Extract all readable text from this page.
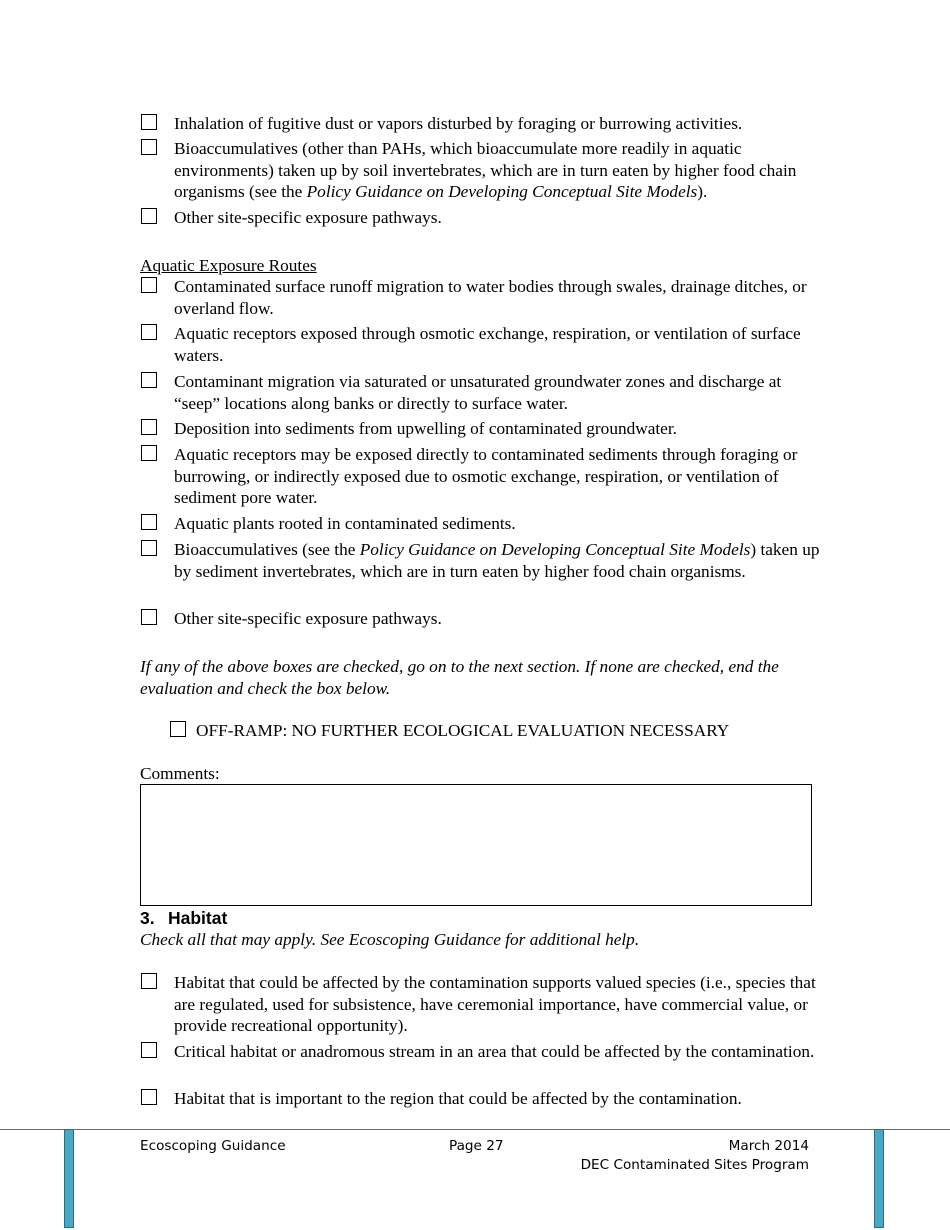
Inhalation of fugitive dust or vapors disturbed by foraging or burrowing activities.
Bioaccumulatives (other than PAHs, which bioaccumulate more readily in aquatic environments) taken up by soil invertebrates, which are in turn eaten by higher food chain organisms (see the Policy Guidance on Developing Conceptual Site Models).
Other site-specific exposure pathways.
Aquatic Exposure Routes
Contaminated surface runoff migration to water bodies through swales, drainage ditches, or overland flow.
Aquatic receptors exposed through osmotic exchange, respiration, or ventilation of surface waters.
Contaminant migration via saturated or unsaturated groundwater zones and discharge at “seep” locations along banks or directly to surface water.
Deposition into sediments from upwelling of contaminated groundwater.
Aquatic receptors may be exposed directly to contaminated sediments through foraging or burrowing, or indirectly exposed due to osmotic exchange, respiration, or ventilation of sediment pore water.
Aquatic plants rooted in contaminated sediments.
Bioaccumulatives (see the Policy Guidance on Developing Conceptual Site Models) taken up by sediment invertebrates, which are in turn eaten by higher food chain organisms.
Other site-specific exposure pathways.
If any of the above boxes are checked, go on to the next section. If none are checked, end the evaluation and check the box below.
OFF-RAMP: NO FURTHER ECOLOGICAL EVALUATION NECESSARY
Comments:
3. Habitat
Check all that may apply. See Ecoscoping Guidance for additional help.
Habitat that could be affected by the contamination supports valued species (i.e., species that are regulated, used for subsistence, have ceremonial importance, have commercial value, or provide recreational opportunity).
Critical habitat or anadromous stream in an area that could be affected by the contamination.
Habitat that is important to the region that could be affected by the contamination.
Ecoscoping Guidance	Page 27	March 2014
DEC Contaminated Sites Program
